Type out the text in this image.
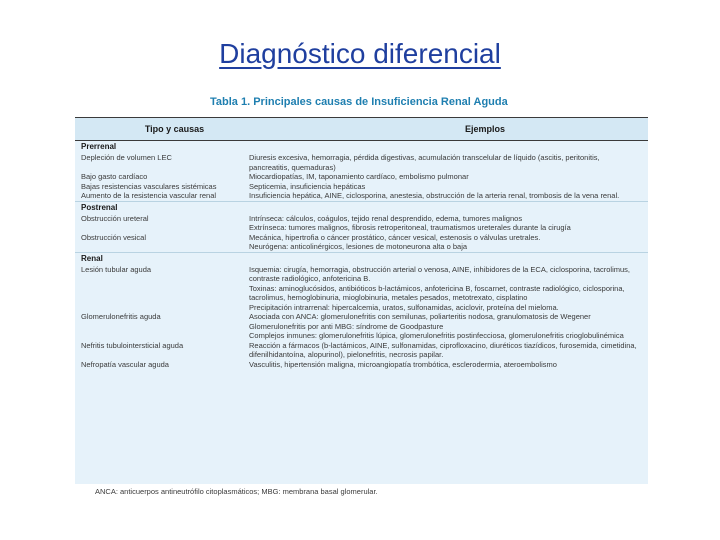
Diagnóstico diferencial
Tabla 1. Principales causas de Insuficiencia Renal Aguda
Tipo y causas	Ejemplos
Prerrenal
Depleción de volumen LEC	Diuresis excesiva, hemorragia, pérdida digestivas, acumulación transcelular de líquido (ascitis, peritonitis, pancreatitis, quemaduras)
Bajo gasto cardíaco	Miocardiopatías, IM, taponamiento cardíaco, embolismo pulmonar
Bajas resistencias vasculares sistémicas	Septicemia, insuficiencia hepáticas
Aumento de la resistencia vascular renal	Insuficiencia hepática, AINE, ciclosporina, anestesia, obstrucción de la arteria renal, trombosis de la vena renal.
Postrenal
Obstrucción ureteral	Intrínseca: cálculos, coágulos, tejido renal desprendido, edema, tumores malignos
Extrínseca: tumores malignos, fibrosis retroperitoneal, traumatismos ureterales durante la cirugía
Obstrucción vesical	Mecánica, hipertrofia o cáncer prostático, cáncer vesical, estenosis o válvulas uretrales.
Neurógena: anticolinérgicos, lesiones de motoneurona alta o baja
Renal
Lesión tubular aguda	Isquemia: cirugía, hemorragia, obstrucción arterial o venosa, AINE, inhibidores de la ECA, ciclosporina, tacrolimus, contraste radiológico, anfotericina B.
Toxinas: aminoglucósidos, antibióticos b-lactámicos, anfotericina B, foscarnet, contraste radiológico, ciclosporina, tacrolimus, hemoglobinuria, mioglobinuria, metales pesados, metotrexato, cisplatino
Precipitación intrarrenal: hipercalcemia, uratos, sulfonamidas, aciclovir, proteína del mieloma.
Glomerulonefritis aguda	Asociada con ANCA: glomerulonefritis con semilunas, poliarteritis nodosa, granulomatosis de Wegener
Glomerulonefritis por anti MBG: síndrome de Goodpasture
Complejos inmunes: glomerulonefritis lúpica, glomerulonefritis postinfecciosa, glomerulonefritis crioglobulinémica
Nefritis tubulointersticial aguda	Reacción a fármacos (b-lactámicos, AINE, sulfonamidas, ciprofloxacino, diuréticos tiazídicos, furosemida, cimetidina, difenilhidantoína, alopurinol), pielonefritis, necrosis papilar.
Nefropatía vascular aguda	Vasculitis, hipertensión maligna, microangiopatía trombótica, esclerodermia, ateroembolismo
ANCA: anticuerpos antineutrófilo citoplasmáticos; MBG: membrana basal glomerular.
